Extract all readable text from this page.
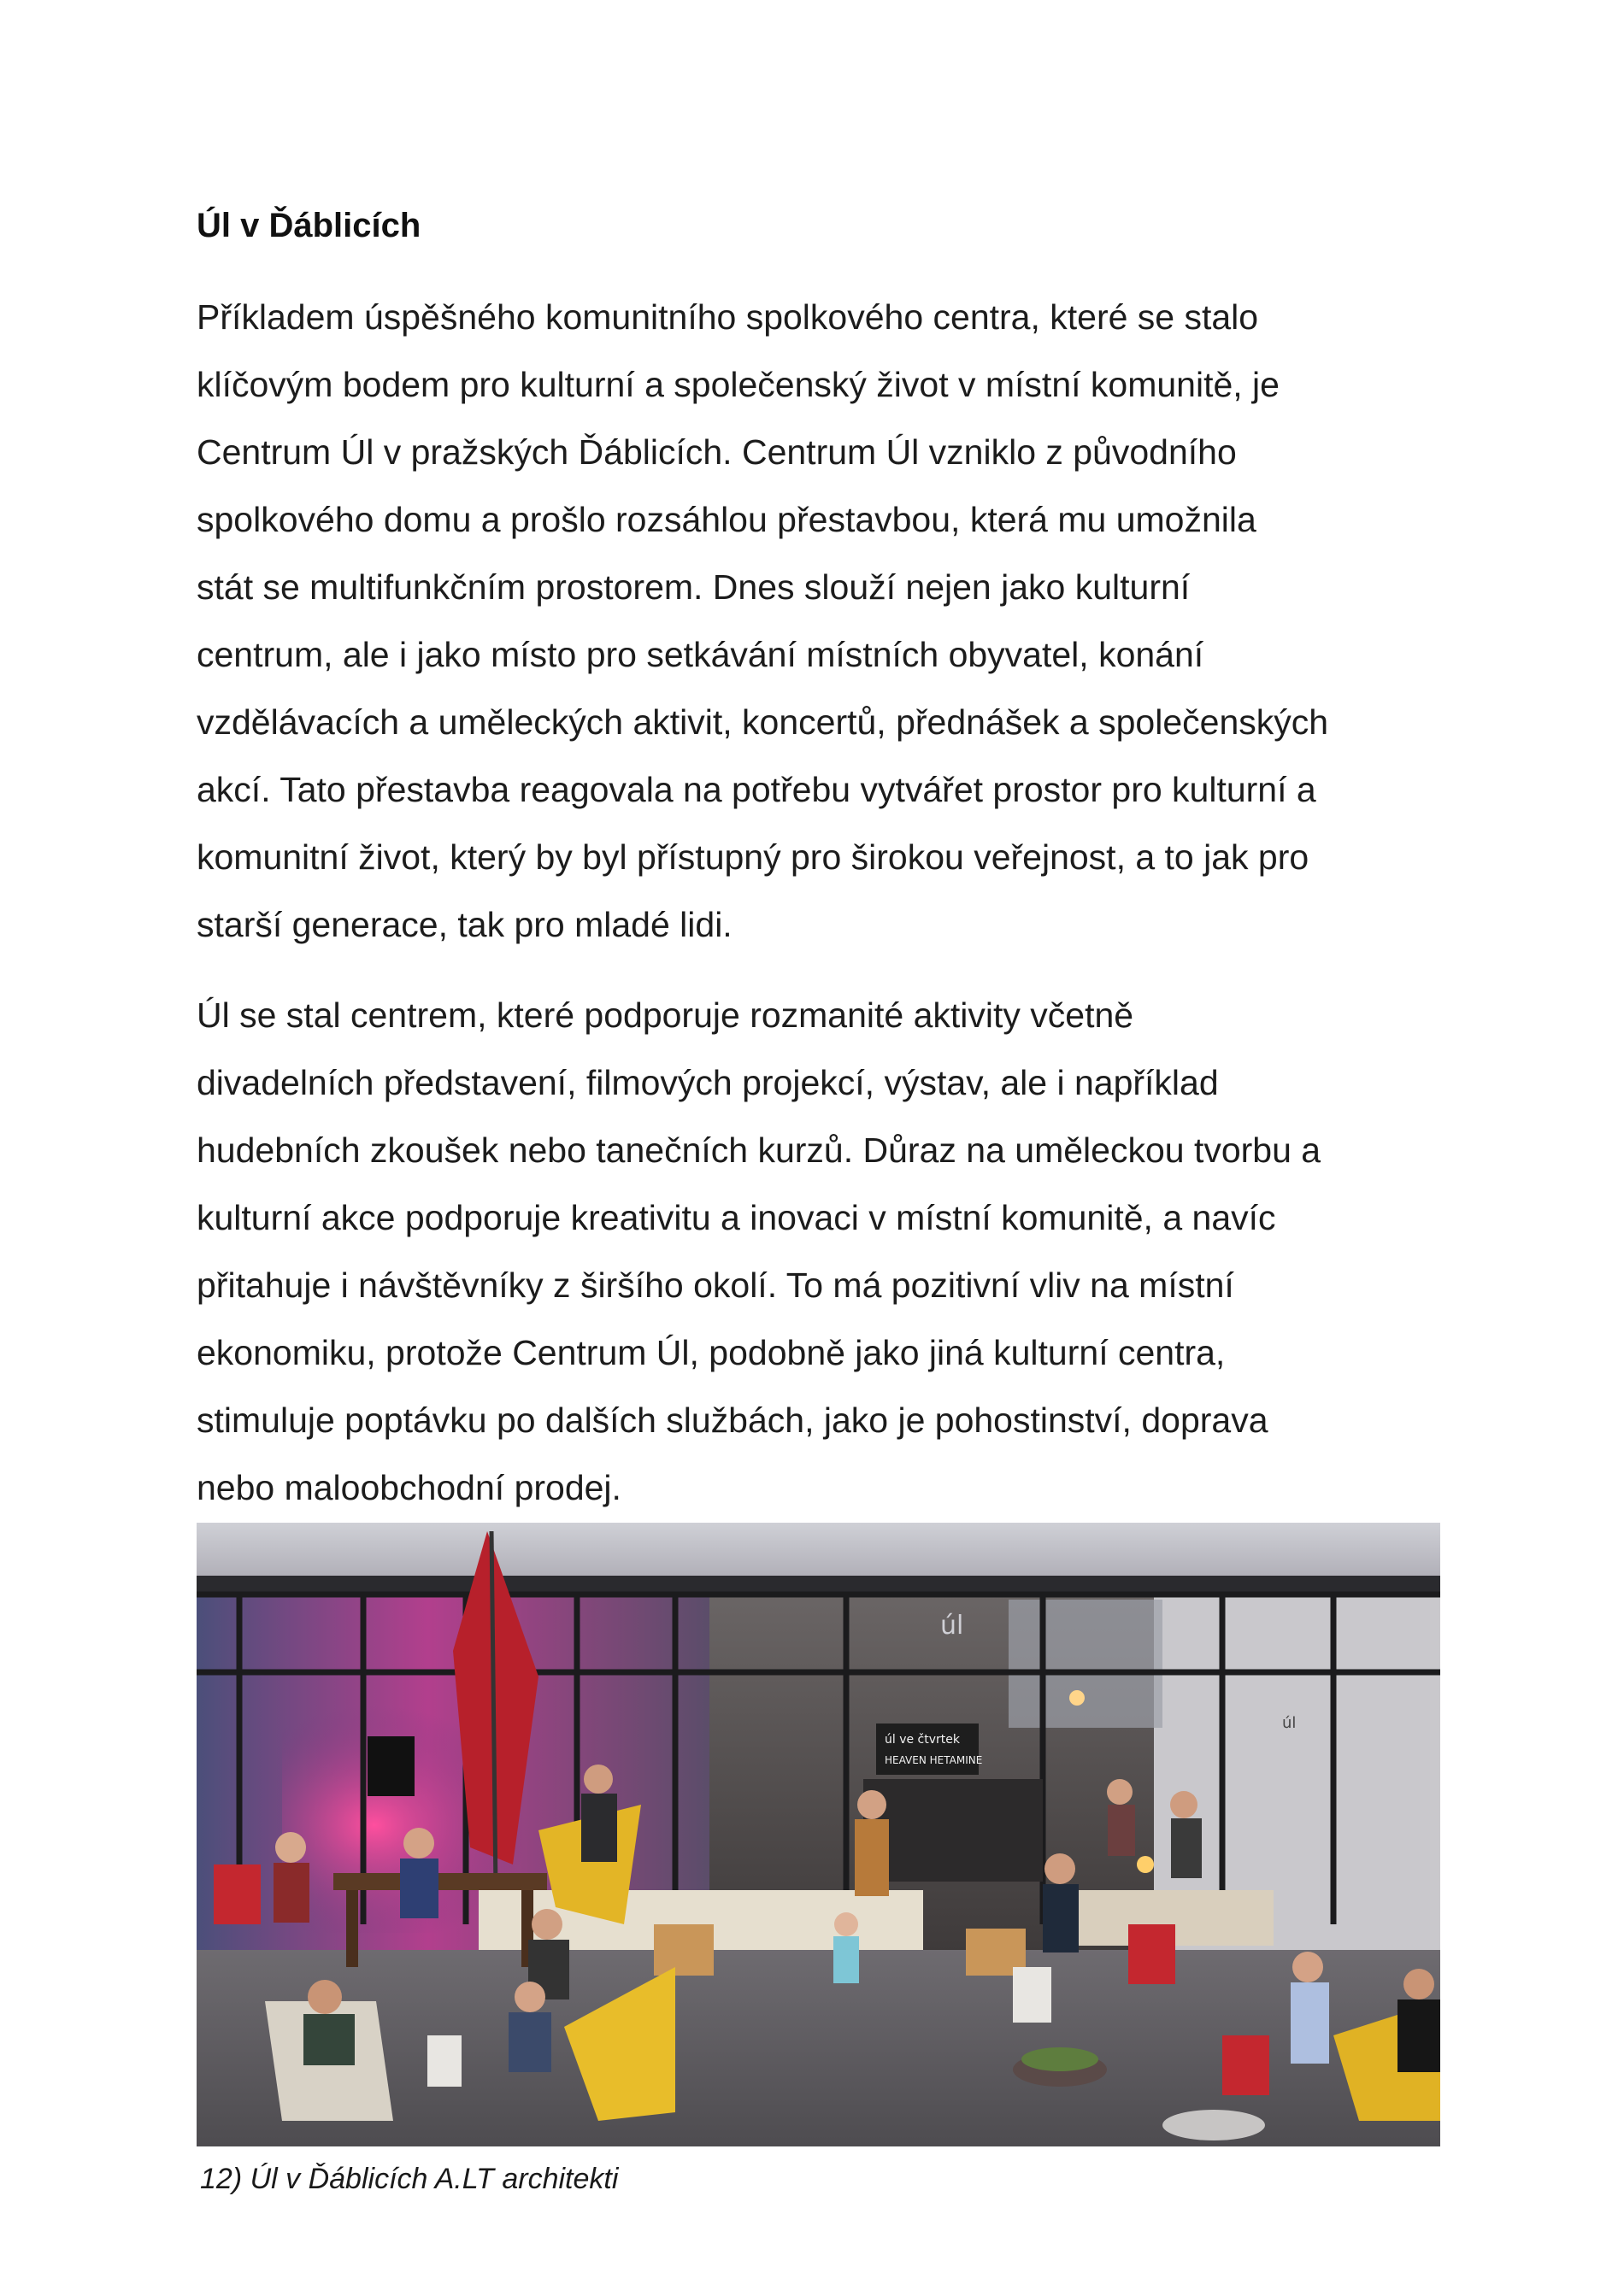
Úl v Ďáblicích

Příkladem úspěšného komunitního spolkového centra, které se stalo
klíčovým bodem pro kulturní a společenský život v místní komunitě, je
Centrum Úl v pražských Ďáblicích. Centrum Úl vzniklo z původního
spolkového domu a prošlo rozsáhlou přestavbou, která mu umožnila
stát se multifunkčním prostorem. Dnes slouží nejen jako kulturní
centrum, ale i jako místo pro setkávání místních obyvatel, konání
vzdělávacích a uměleckých aktivit, koncertů, přednášek a společenských
akcí. Tato přestavba reagovala na potřebu vytvářet prostor pro kulturní a
komunitní život, který by byl přístupný pro širokou veřejnost, a to jak pro
starší generace, tak pro mladé lidi.

Úl se stal centrem, které podporuje rozmanité aktivity včetně
divadelních představení, filmových projekcí, výstav, ale i například
hudebních zkoušek nebo tanečních kurzů. Důraz na uměleckou tvorbu a
kulturní akce podporuje kreativitu a inovaci v místní komunitě, a navíc
přitahuje i návštěvníky z širšího okolí. To má pozitivní vliv na místní
ekonomiku, protože Centrum Úl, podobně jako jiná kulturní centra,
stimuluje poptávku po dalších službách, jako je pohostinství, doprava
nebo maloobchodní prodej.

úl ve čtvrtek
HEAVEN HETAMINE
úl
úl

12) Úl v Ďáblicích A.LT architekti
